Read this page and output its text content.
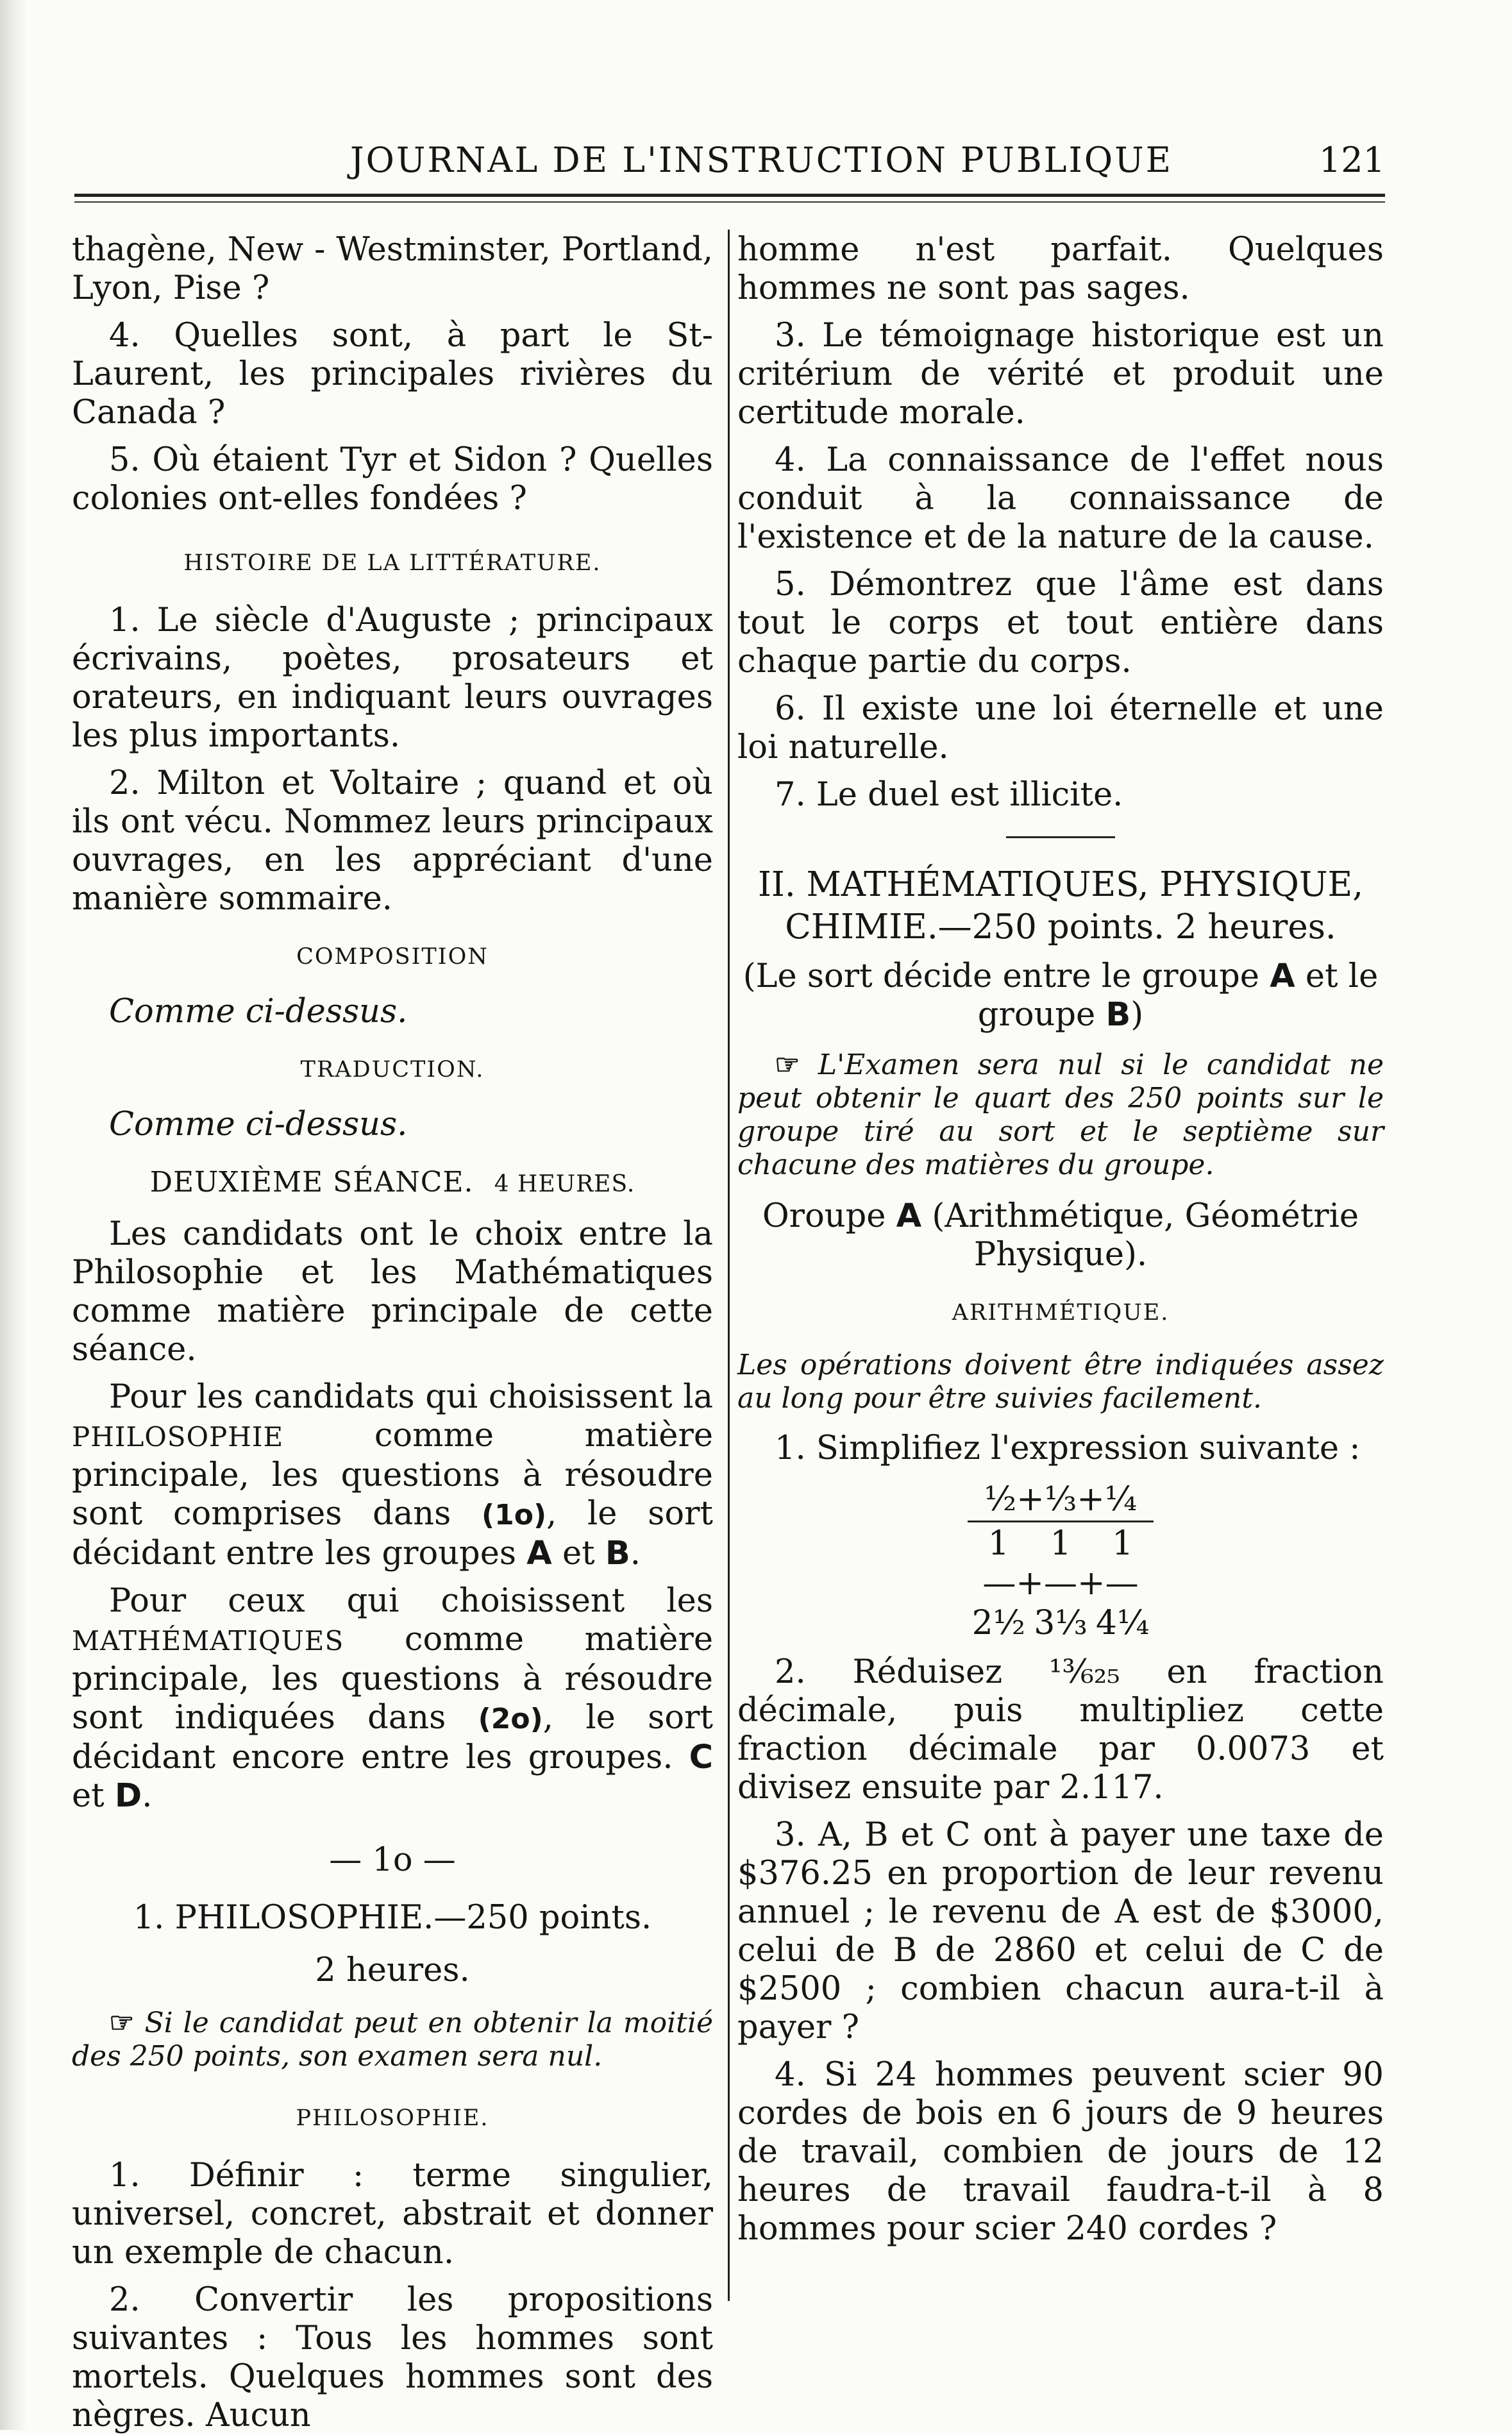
JOURNAL DE L'INSTRUCTION PUBLIQUE	121

thagène, New - Westminster, Portland, Lyon, Pise ?

4. Quelles sont, à part le St-Laurent, les principales rivières du Canada ?

5. Où étaient Tyr et Sidon ? Quelles colonies ont-elles fondées ?

HISTOIRE DE LA LITTÉRATURE.

1. Le siècle d'Auguste ; principaux écrivains, poètes, prosateurs et orateurs, en indiquant leurs ouvrages les plus importants.

2. Milton et Voltaire ; quand et où ils ont vécu. Nommez leurs principaux ouvrages, en les appréciant d'une manière sommaire.

COMPOSITION

Comme ci-dessus.

TRADUCTION.

Comme ci-dessus.

DEUXIÈME SÉANCE. 4 HEURES.

Les candidats ont le choix entre la Philosophie et les Mathématiques comme matière principale de cette séance.

Pour les candidats qui choisissent la PHILOSOPHIE	comme matière principale, les questions à résoudre sont comprises dans (1o), le sort décidant entre les groupes A et B.

Pour ceux qui choisissent les MATHÉMATIQUES comme matière principale, les questions à résoudre sont indiquées dans (2o), le sort décidant encore entre les groupes. C et D.

— 1o —
1. PHILOSOPHIE.—250 points.
2 heures.

☞ Si le candidat peut en obtenir la moitié des 250 points, son examen sera nul.

PHILOSOPHIE.

1. Définir : terme singulier, universel, concret, abstrait et donner un exemple de chacun.

2. Convertir les propositions suivantes : Tous les hommes sont mortels. Quelques hommes sont des nègres. Aucun

homme n'est parfait. Quelques hommes ne sont pas sages.

3. Le témoignage historique est un critérium de vérité et produit une certitude morale.

4. La connaissance de l'effet nous conduit à la connaissance de l'existence et de la nature de la cause.

5. Démontrez que l'âme est dans tout le corps et tout entière dans chaque partie du corps.

6. Il existe une loi éternelle et une loi naturelle.

7. Le duel est illicite.

II. MATHÉMATIQUES, PHYSIQUE, CHIMIE.—250 points. 2 heures.

(Le sort décide entre le groupe A et le groupe B)

☞ L'Examen sera nul si le candidat ne peut obtenir le quart des 250 points sur le groupe tiré au sort et le septième sur chacune des matières du groupe.

Oroupe A (Arithmétique, Géométrie Physique).

ARITHMÉTIQUE.

Les opérations doivent être indiquées assez au long pour être suivies facilement.

1. Simplifiez l'expression suivante :

½+⅓+¼
1 1 1
—+—+—
2½ 3⅓ 4¼

2. Réduisez ¹³⁄₆₂₅ en fraction décimale, puis multipliez cette fraction décimale par 0.0073 et divisez ensuite par 2.117.

3. A, B et C ont à payer une taxe de $376.25 en proportion de leur revenu annuel ; le revenu de A est de $3000, celui de B de 2860 et celui de C de $2500 ; combien chacun aura-t-il à payer ?

4. Si 24 hommes peuvent scier 90 cordes de bois en 6 jours de 9 heures de travail, combien de jours de 12 heures de travail faudra-t-il à 8 hommes pour scier 240 cordes ?
